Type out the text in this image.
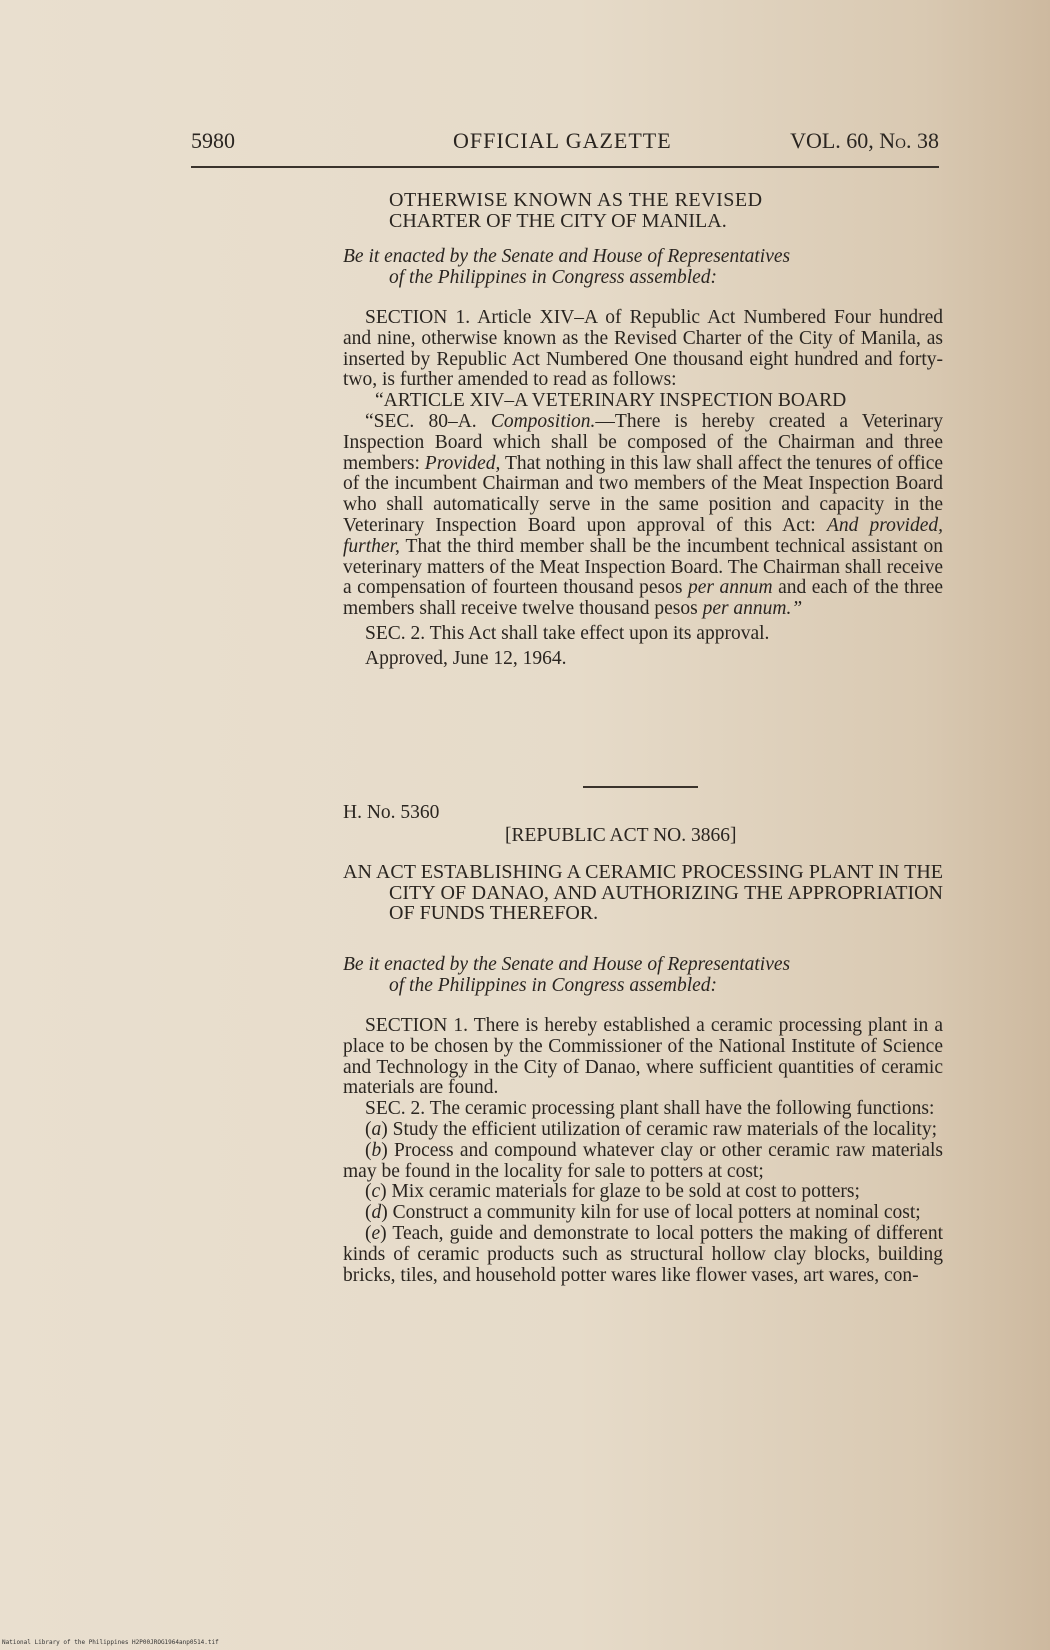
5980	OFFICIAL GAZETTE	VOL. 60, No. 38
OTHERWISE KNOWN AS THE REVISED
CHARTER OF THE CITY OF MANILA.
Be it enacted by the Senate and House of Representatives
of the Philippines in Congress assembled:

SECTION 1. Article XIV–A of Republic Act Numbered Four hundred and nine, otherwise known as the Revised Charter of the City of Manila, as inserted by Republic Act Numbered One thousand eight hundred and forty-two, is further amended to read as follows:

“ARTICLE XIV–A VETERINARY INSPECTION BOARD

“SEC. 80–A. Composition.—There is hereby created a Veterinary Inspection Board which shall be composed of the Chairman and three members: Provided, That nothing in this law shall affect the tenures of office of the incumbent Chairman and two members of the Meat Inspection Board who shall automatically serve in the same position and capacity in the Veterinary Inspection Board upon approval of this Act: And provided, further, That the third member shall be the incumbent technical assistant on veterinary matters of the Meat Inspection Board. The Chairman shall receive a compensation of fourteen thousand pesos per annum and each of the three members shall receive twelve thousand pesos per annum.”

SEC. 2. This Act shall take effect upon its approval.

Approved, June 12, 1964.

H. No. 5360
[REPUBLIC ACT NO. 3866]
AN ACT ESTABLISHING A CERAMIC PROCESSING PLANT IN THE CITY OF DANAO, AND AUTHORIZING THE APPROPRIATION OF FUNDS THEREFOR.
Be it enacted by the Senate and House of Representatives
of the Philippines in Congress assembled:

SECTION 1. There is hereby established a ceramic processing plant in a place to be chosen by the Commissioner of the National Institute of Science and Technology in the City of Danao, where sufficient quantities of ceramic materials are found.

SEC. 2. The ceramic processing plant shall have the following functions:

(a) Study the efficient utilization of ceramic raw materials of the locality;

(b) Process and compound whatever clay or other ceramic raw materials may be found in the locality for sale to potters at cost;

(c) Mix ceramic materials for glaze to be sold at cost to potters;

(d) Construct a community kiln for use of local potters at nominal cost;

(e) Teach, guide and demonstrate to local potters the making of different kinds of ceramic products such as structural hollow clay blocks, building bricks, tiles, and household potter wares like flower vases, art wares, con-

National Library of the Philippines H2P00JROG1964anp0514.tif
